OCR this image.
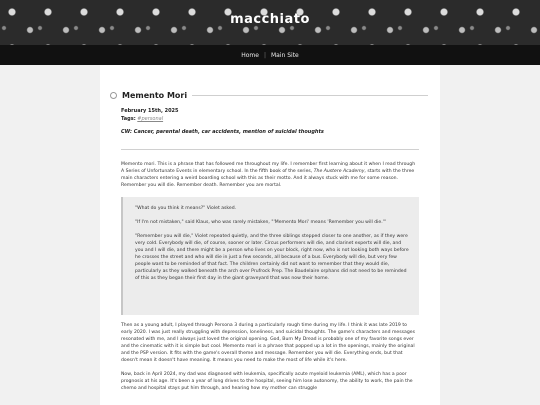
macchiato
Home | Main Site
Memento Mori
February 15th, 2025
Tags: #personal
CW: Cancer, parental death, car accidents, mention of suicidal thoughts

Memento mori. This is a phrase that has followed me throughout my life. I remember first learning about it when I read through A Series of Unfortunate Events in elementary school. In the fifth book of the series, The Austere Academy, starts with the three main characters entering a weird boarding school with this as their motto. And it always stuck with me for some reason. Remember you will die. Remember death. Remember you are mortal.

"What do you think it means?" Violet asked.

"If I'm not mistaken," said Klaus, who was rarely mistaken, "'Memento Mori' means 'Remember you will die.'"

"Remember you will die," Violet repeated quietly, and the three siblings stepped closer to one another, as if they were very cold. Everybody will die, of course, sooner or later. Circus performers will die, and clarinet experts will die, and you and I will die, and there might be a person who lives on your block, right now, who is not looking both ways before he crosses the street and who will die in just a few seconds, all because of a bus. Everybody will die, but very few people want to be reminded of that fact. The children certainly did not want to remember that they would die, particularly as they walked beneath the arch over Prufrock Prep. The Baudelaire orphans did not need to be reminded of this as they began their first day in the giant graveyard that was now their home.

Then as a young adult, I played through Persona 3 during a particularly rough time during my life. I think it was late 2019 to early 2020. I was just really struggling with depression, loneliness, and suicidal thoughts. The game's characters and messages resonated with me, and I always just loved the original opening. God, Burn My Dread is probably one of my favorite songs ever and the cinematic with it is simple but cool. Memento mori is a phrase that popped up a lot in the openings, mainly the original and the PSP version. It fits with the game's overall theme and message. Remember you will die. Everything ends, but that doesn't mean it doesn't have meaning. It means you need to make the most of life while it's here.

Now, back in April 2024, my dad was diagnosed with leukemia, specifically acute myeloid leukemia (AML), which has a poor prognosis at his age. It's been a year of long drives to the hospital, seeing him lose autonomy, the ability to work, the pain the chemo and hospital stays put him through, and hearing how my mother can struggle
